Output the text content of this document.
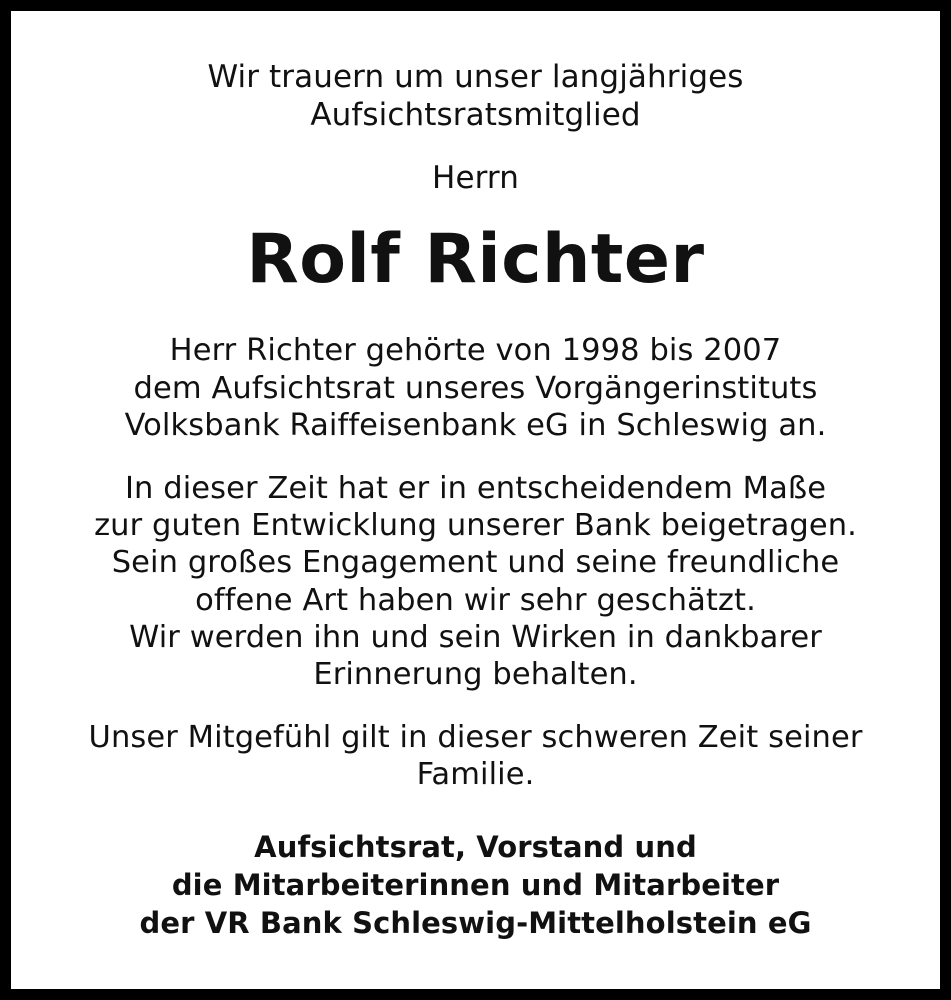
Wir trauern um unser langjähriges
Aufsichtsratsmitglied
Herrn
Rolf Richter
Herr Richter gehörte von 1998 bis 2007
dem Aufsichtsrat unseres Vorgängerinstituts
Volksbank Raiffeisenbank eG in Schleswig an.
In dieser Zeit hat er in entscheidendem Maße
zur guten Entwicklung unserer Bank beigetragen.
Sein großes Engagement und seine freundliche
offene Art haben wir sehr geschätzt.
Wir werden ihn und sein Wirken in dankbarer
Erinnerung behalten.
Unser Mitgefühl gilt in dieser schweren Zeit seiner
Familie.
Aufsichtsrat, Vorstand und
die Mitarbeiterinnen und Mitarbeiter
der VR Bank Schleswig-Mittelholstein eG
